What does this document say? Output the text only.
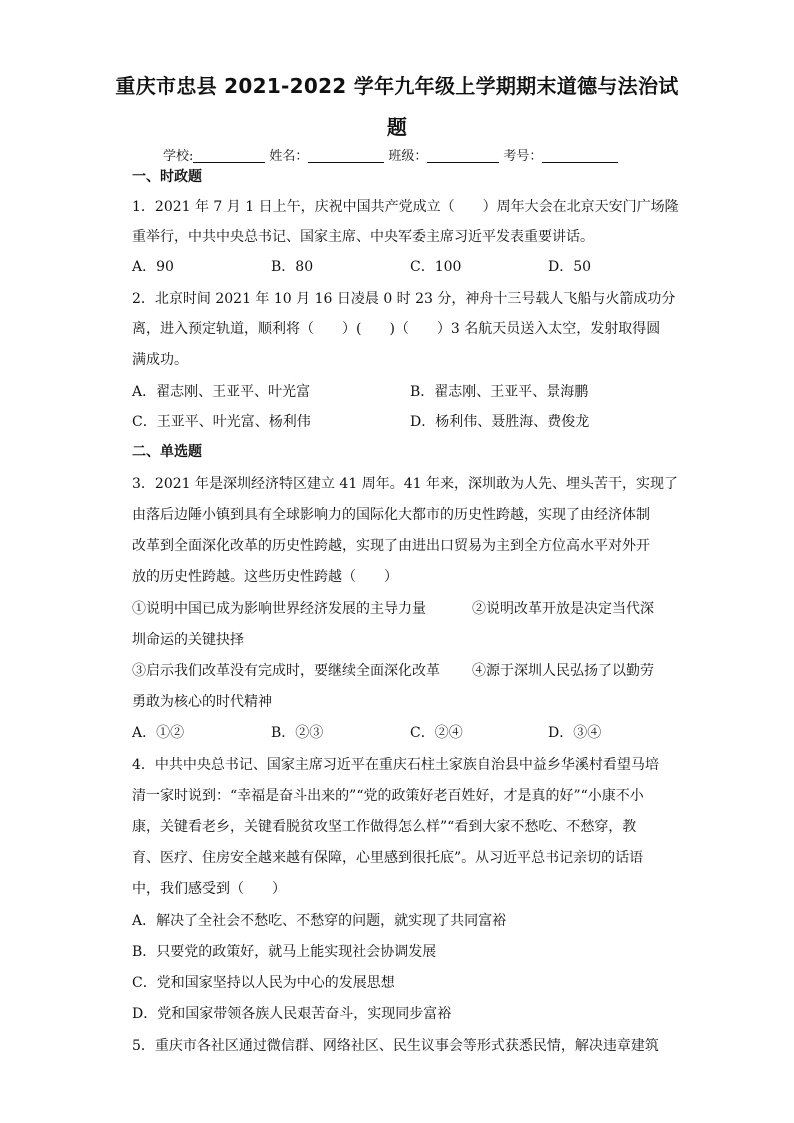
重庆市忠县 2021-2022 学年九年级上学期期末道德与法治试
题
学校:	姓名：	班级：	考号：
一、时政题
1．2021 年 7 月 1 日上午，庆祝中国共产党成立（　　）周年大会在北京天安门广场隆
重举行，中共中央总书记、国家主席、中央军委主席习近平发表重要讲话。
A．90	B．80	C．100	D．50
2．北京时间 2021 年 10 月 16 日凌晨 0 时 23 分，神舟十三号载人飞船与火箭成功分
离，进入预定轨道，顺利将（　　）(　　)（　　）3 名航天员送入太空，发射取得圆
满成功。
A．翟志刚、王亚平、叶光富	B．翟志刚、王亚平、景海鹏
C．王亚平、叶光富、杨利伟	D．杨利伟、聂胜海、费俊龙
二、单选题
3．2021 年是深圳经济特区建立 41 周年。41 年来，深圳敢为人先、埋头苦干，实现了
由落后边陲小镇到具有全球影响力的国际化大都市的历史性跨越，实现了由经济体制
改革到全面深化改革的历史性跨越，实现了由进出口贸易为主到全方位高水平对外开
放的历史性跨越。这些历史性跨越（　　）
①说明中国已成为影响世界经济发展的主导力量	②说明改革开放是决定当代深
圳命运的关键抉择
③启示我们改革没有完成时，要继续全面深化改革 ④源于深圳人民弘扬了以勤劳
勇敢为核心的时代精神
A．①②	B．②③	C．②④	D．③④
4．中共中央总书记、国家主席习近平在重庆石柱土家族自治县中益乡华溪村看望马培
清一家时说到：“幸福是奋斗出来的”“党的政策好老百姓好，才是真的好”“小康不小
康，关键看老乡，关键看脱贫攻坚工作做得怎么样”“看到大家不愁吃、不愁穿，教
育、医疗、住房安全越来越有保障，心里感到很托底”。从习近平总书记亲切的话语
中，我们感受到（　　）
A．解决了全社会不愁吃、不愁穿的问题，就实现了共同富裕
B．只要党的政策好，就马上能实现社会协调发展
C．党和国家坚持以人民为中心的发展思想
D．党和国家带领各族人民艰苦奋斗，实现同步富裕
5．重庆市各社区通过微信群、网络社区、民生议事会等形式获悉民情，解决违章建筑
